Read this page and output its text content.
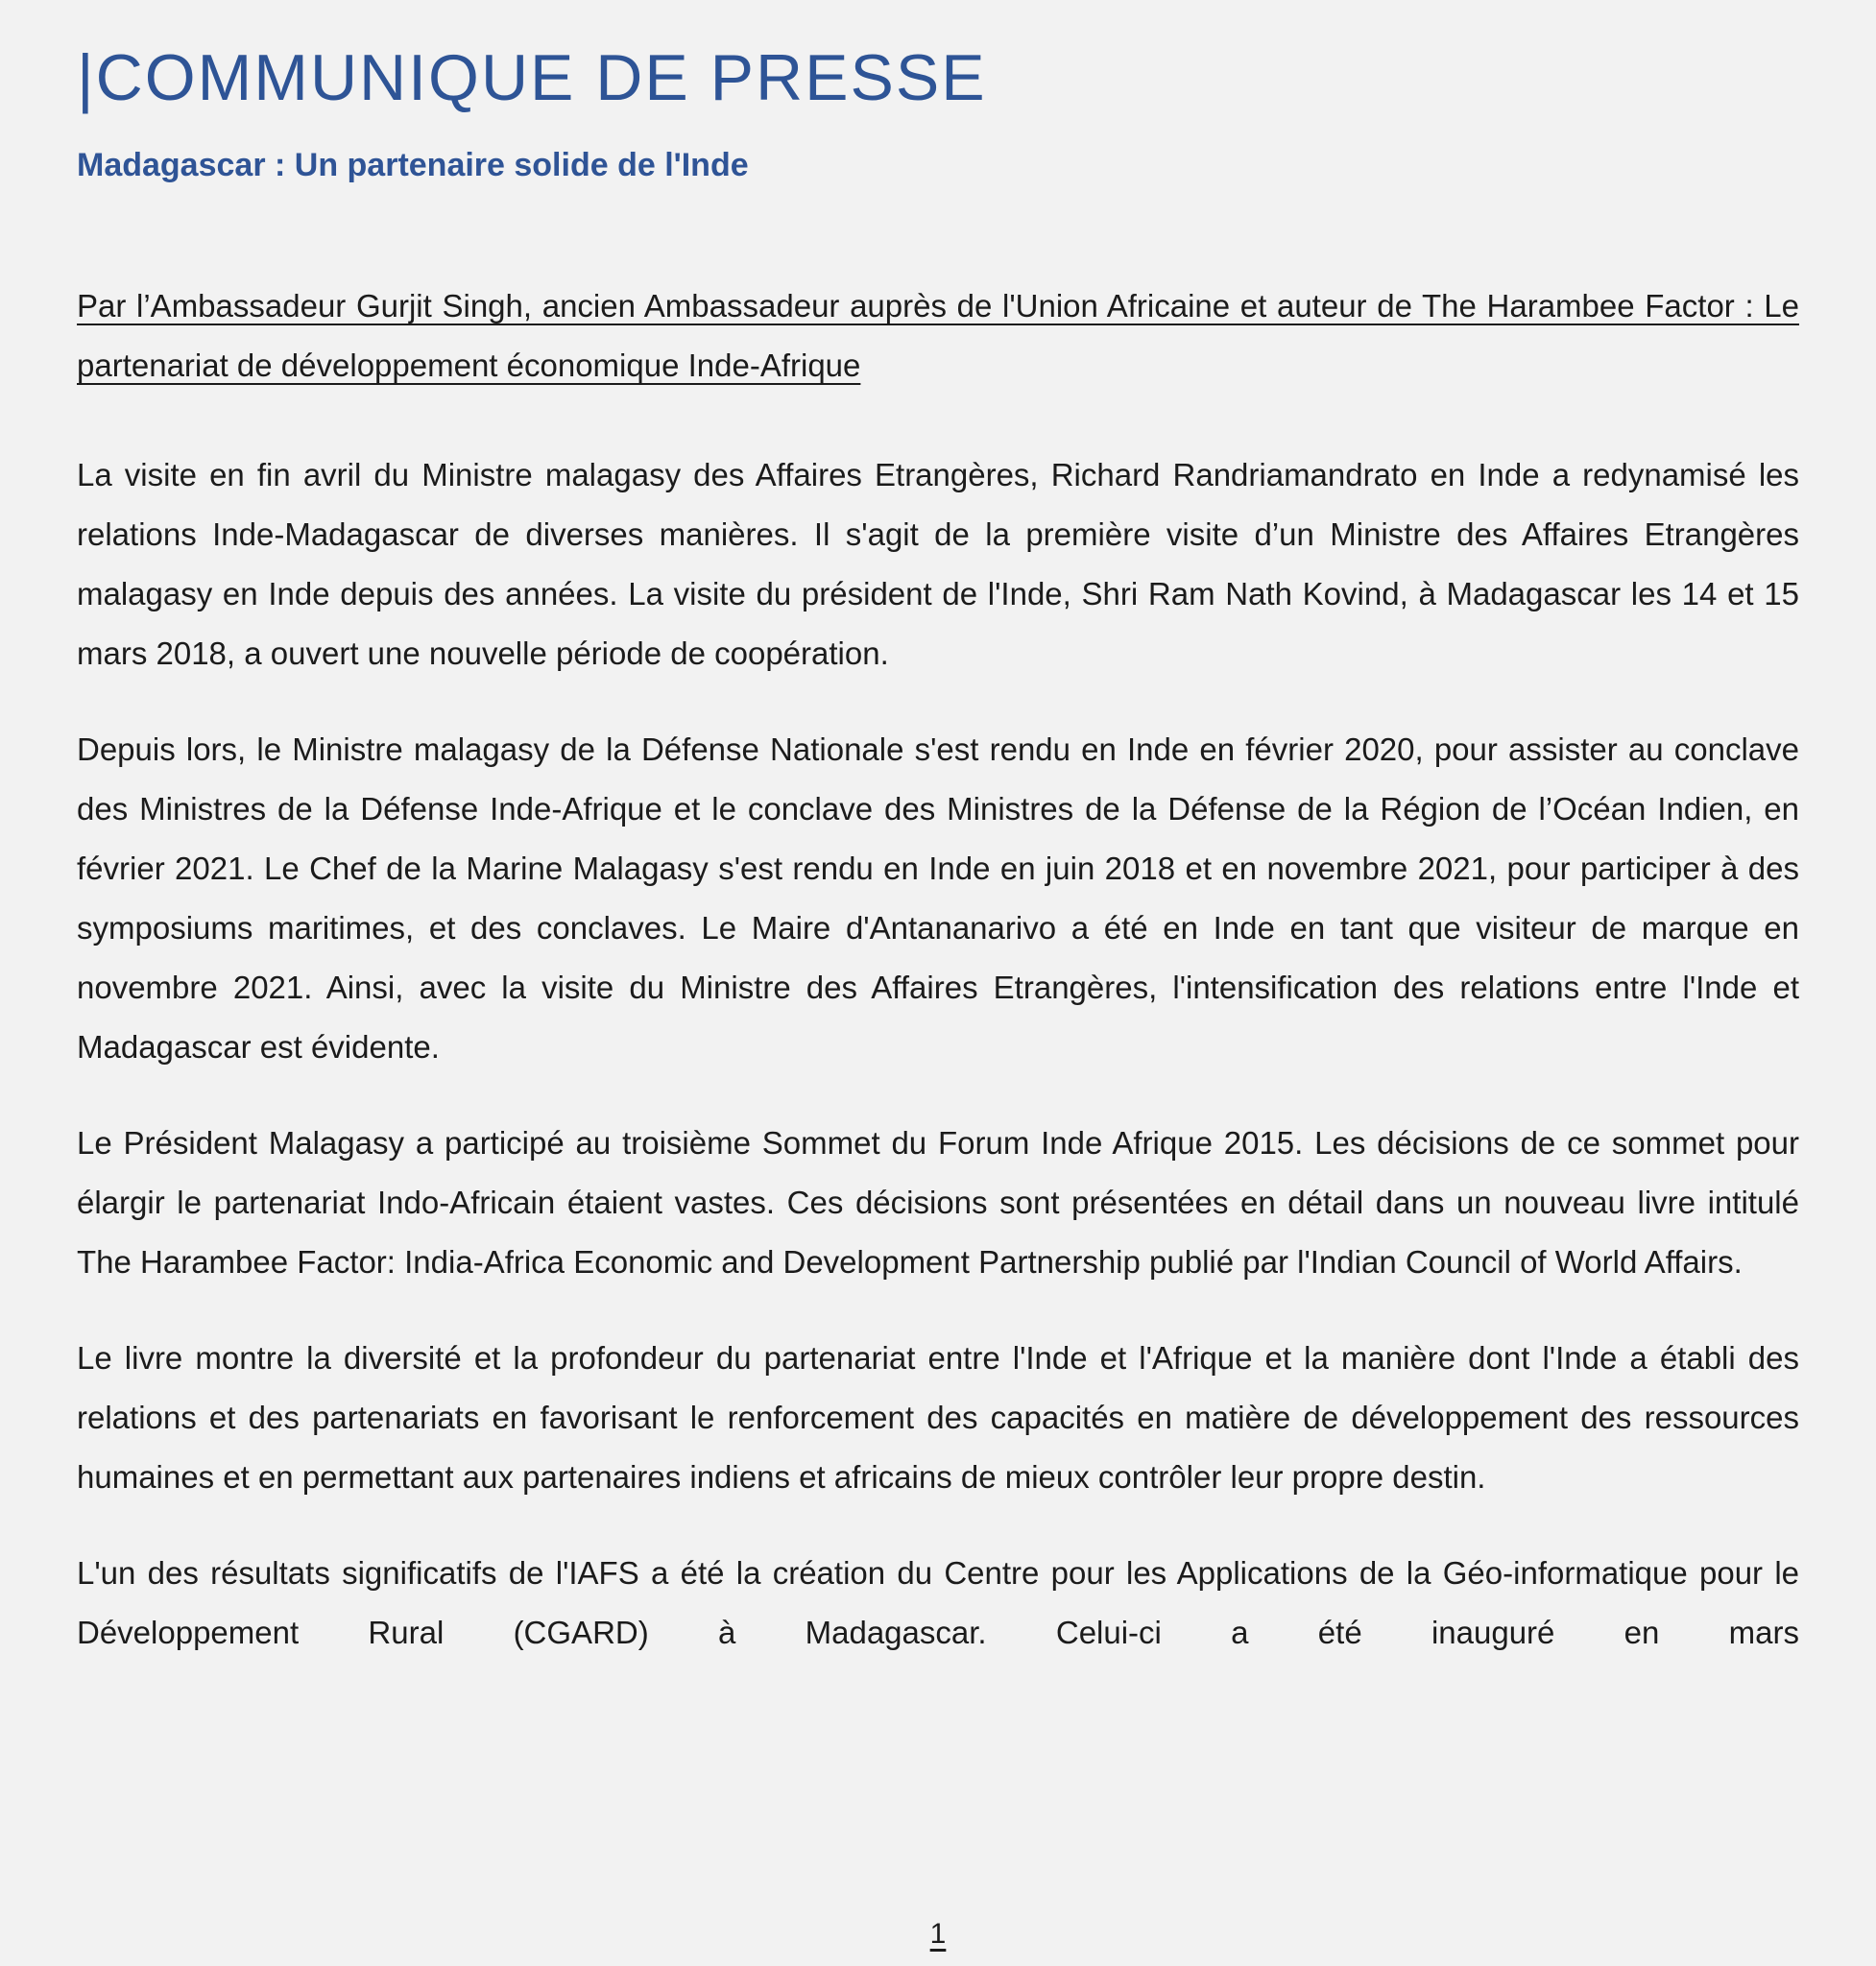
|COMMUNIQUE DE PRESSE
Madagascar : Un partenaire solide de l'Inde

Par l’Ambassadeur Gurjit Singh, ancien Ambassadeur auprès de l'Union Africaine et auteur de The Harambee Factor : Le partenariat de développement économique Inde-Afrique

La visite en fin avril du Ministre malagasy des Affaires Etrangères, Richard Randriamandrato en Inde a redynamisé les relations Inde-Madagascar de diverses manières. Il s'agit de la première visite d’un Ministre des Affaires Etrangères malagasy en Inde depuis des années. La visite du président de l'Inde, Shri Ram Nath Kovind, à Madagascar les 14 et 15 mars 2018, a ouvert une nouvelle période de coopération.

Depuis lors, le Ministre malagasy de la Défense Nationale s'est rendu en Inde en février 2020, pour assister au conclave des Ministres de la Défense Inde-Afrique et le conclave des Ministres de la Défense de la Région de l’Océan Indien, en février 2021. Le Chef de la Marine Malagasy s'est rendu en Inde en juin 2018 et en novembre 2021, pour participer à des symposiums maritimes, et des conclaves. Le Maire d'Antananarivo a été en Inde en tant que visiteur de marque en novembre 2021. Ainsi, avec la visite du Ministre des Affaires Etrangères, l'intensification des relations entre l'Inde et Madagascar est évidente.

Le Président Malagasy a participé au troisième Sommet du Forum Inde Afrique 2015. Les décisions de ce sommet pour élargir le partenariat Indo-Africain étaient vastes. Ces décisions sont présentées en détail dans un nouveau livre intitulé The Harambee Factor: India-Africa Economic and Development Partnership publié par l'Indian Council of World Affairs.

Le livre montre la diversité et la profondeur du partenariat entre l'Inde et l'Afrique et la manière dont l'Inde a établi des relations et des partenariats en favorisant le renforcement des capacités en matière de développement des ressources humaines et en permettant aux partenaires indiens et africains de mieux contrôler leur propre destin.

L'un des résultats significatifs de l'IAFS a été la création du Centre pour les Applications de la Géo-informatique pour le Développement Rural (CGARD) à Madagascar. Celui-ci a été inauguré en mars

1
